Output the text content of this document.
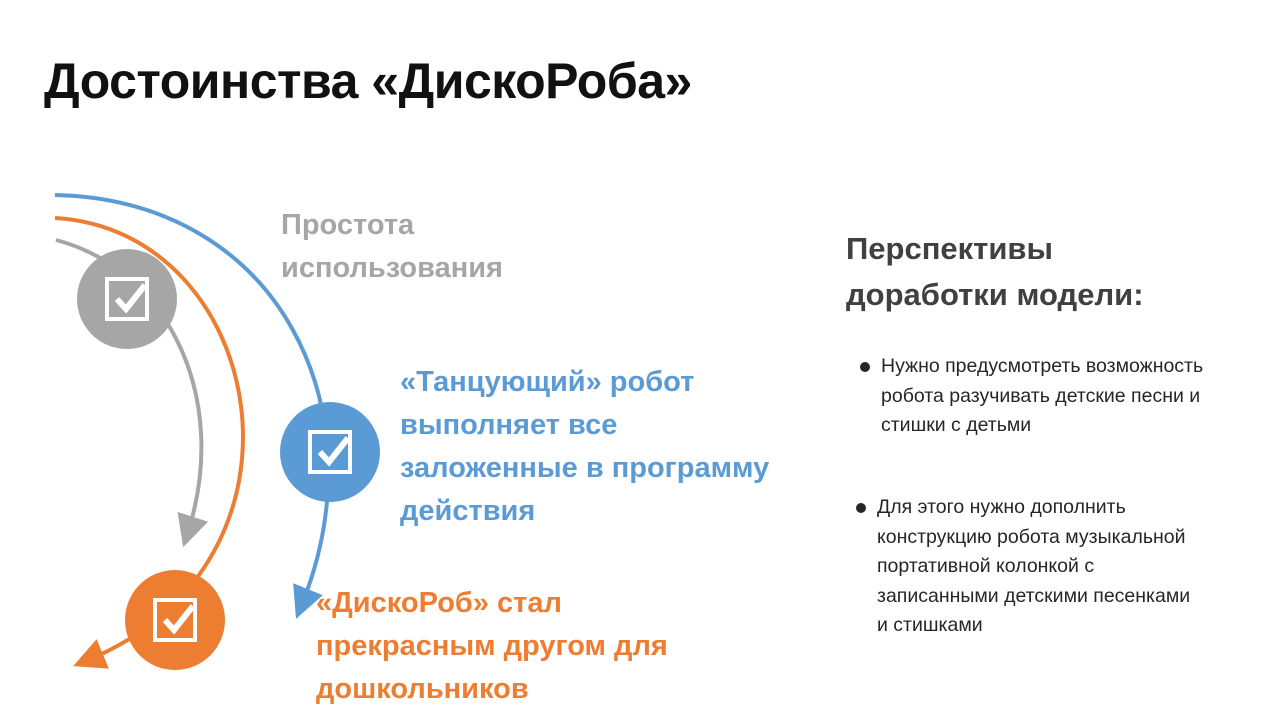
Достоинства «ДискоРоба»
Простота
использования
«Танцующий» робот
выполняет все
заложенные в программу
действия
«ДискоРоб» стал
прекрасным другом для
дошкольников
Перспективы
доработки модели:
Нужно предусмотреть возможность
робота разучивать детские песни и
стишки с детьми
Для этого нужно дополнить
конструкцию робота музыкальной
портативной колонкой с
записанными детскими песенками
и стишками
